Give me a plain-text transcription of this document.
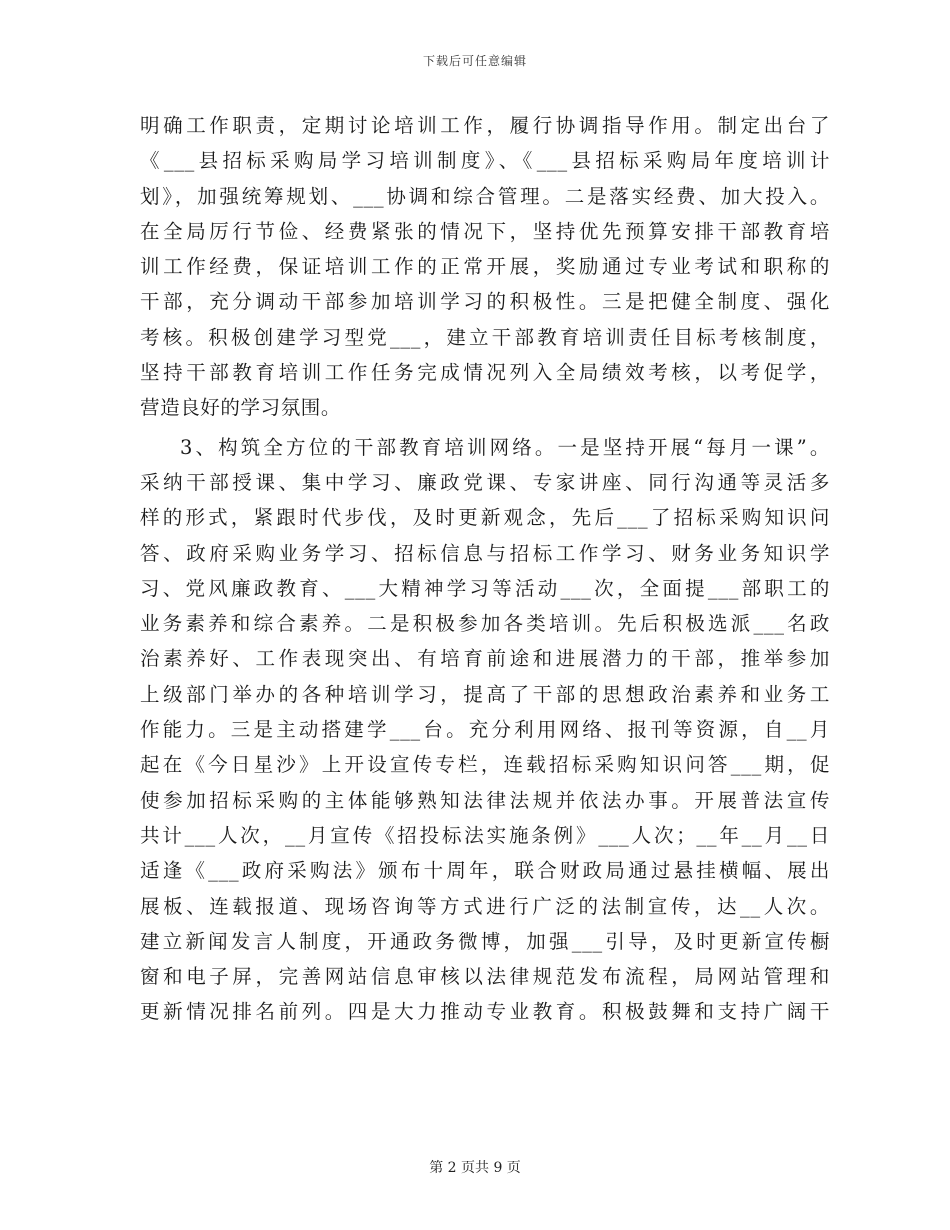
下载后可任意编辑
明确工作职责，定期讨论培训工作，履行协调指导作用。制定出台了
《___县招标采购局学习培训制度》、《___县招标采购局年度培训计
划》，加强统筹规划、___协调和综合管理。二是落实经费、加大投入。
在全局厉行节俭、经费紧张的情况下，坚持优先预算安排干部教育培
训工作经费，保证培训工作的正常开展，奖励通过专业考试和职称的
干部，充分调动干部参加培训学习的积极性。三是把健全制度、强化
考核。积极创建学习型党___，建立干部教育培训责任目标考核制度，
坚持干部教育培训工作任务完成情况列入全局绩效考核，以考促学，
营造良好的学习氛围。
3、构筑全方位的干部教育培训网络。一是坚持开展“每月一课”。
采纳干部授课、集中学习、廉政党课、专家讲座、同行沟通等灵活多
样的形式，紧跟时代步伐，及时更新观念，先后___了招标采购知识问
答、政府采购业务学习、招标信息与招标工作学习、财务业务知识学
习、党风廉政教育、___大精神学习等活动___次，全面提___部职工的
业务素养和综合素养。二是积极参加各类培训。先后积极选派___名政
治素养好、工作表现突出、有培育前途和进展潜力的干部，推举参加
上级部门举办的各种培训学习，提高了干部的思想政治素养和业务工
作能力。三是主动搭建学___台。充分利用网络、报刊等资源，自__月
起在《今日星沙》上开设宣传专栏，连载招标采购知识问答___期，促
使参加招标采购的主体能够熟知法律法规并依法办事。开展普法宣传
共计___人次，__月宣传《招投标法实施条例》___人次；__年__月__日
适逢《___政府采购法》颁布十周年，联合财政局通过悬挂横幅、展出
展板、连载报道、现场咨询等方式进行广泛的法制宣传，达__人次。
建立新闻发言人制度，开通政务微博，加强___引导，及时更新宣传橱
窗和电子屏，完善网站信息审核以法律规范发布流程，局网站管理和
更新情况排名前列。四是大力推动专业教育。积极鼓舞和支持广阔干
第 2 页共 9 页
